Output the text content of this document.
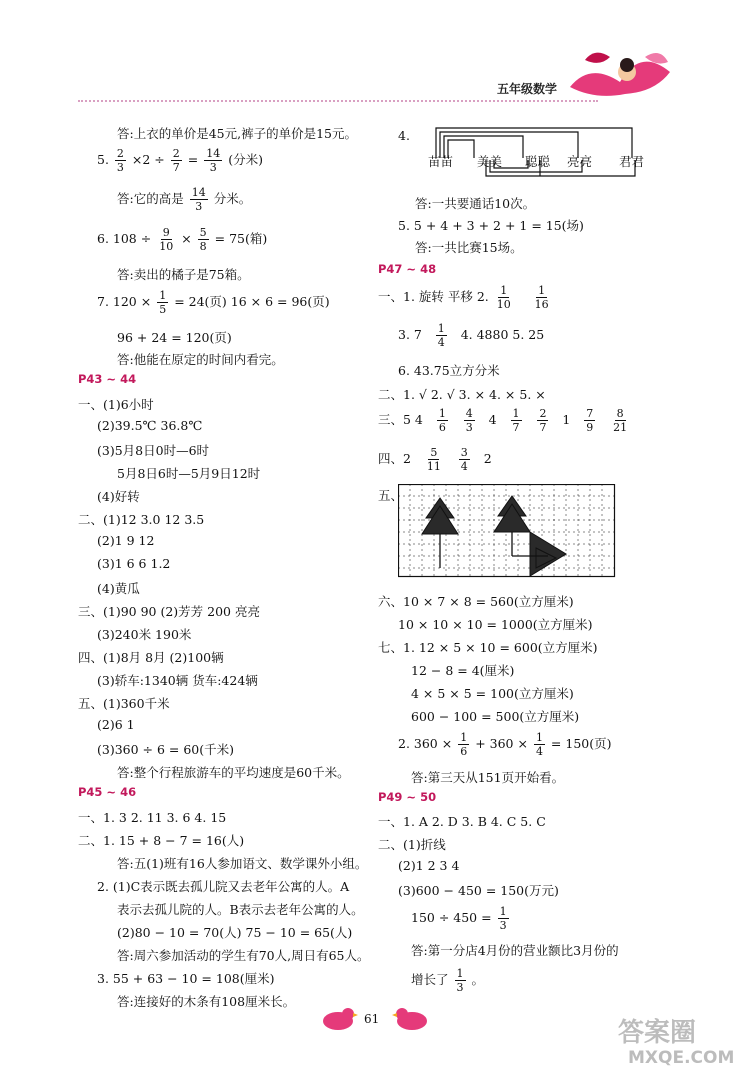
五年级数学
答:上衣的单价是45元,裤子的单价是15元。
5. $\frac{2}{3} \times 2 \div \frac{2}{7} = \frac{14}{3}$ (分米)
答:它的高是 $\frac{14}{3}$ 分米。
6. $108 \div \frac{9}{10} \times \frac{5}{8} = 75$(箱)
答:卖出的橘子是75箱。
7. $120 \times \frac{1}{5} = 24$(页) 16 × 6 = 96(页)
96 + 24 = 120(页)
答:他能在原定的时间内看完。
P43 ~ 44
一、(1)6小时
(2)39.5℃ 36.8℃
(3)5月8日0时—6时
5月8日6时—5月9日12时
(4)好转
二、(1)12 3.0 12 3.5
(2)1 9 12
(3)1 6 6 1.2
(4)黄瓜
三、(1)90 90 (2)芳芳 200 亮亮
(3)240米 190米
四、(1)8月 8月 (2)100辆
(3)轿车:1340辆 货车:424辆
五、(1)360千米
(2)6 1
(3)360 ÷ 6 = 60(千米)
答:整个行程旅游车的平均速度是60千米。
P45 ~ 46
一、1. 3 2. 11 3. 6 4. 15
二、1. 15 + 8 − 7 = 16(人)
答:五(1)班有16人参加语文、数学课外小组。
2. (1)C表示既去孤儿院又去老年公寓的人。A
表示去孤儿院的人。B表示去老年公寓的人。
(2)80 − 10 = 70(人) 75 − 10 = 65(人)
答:周六参加活动的学生有70人,周日有65人。
3. 55 + 63 − 10 = 108(厘米)
答:连接好的木条有108厘米长。
4.
苗苗 美美 聪聪 亮亮 君君
答:一共要通话10次。
5. 5 + 4 + 3 + 2 + 1 = 15(场)
答:一共比赛15场。
P47 ~ 48
一、1. 旋转 平移 2. $\frac{1}{10}$
$\frac{1}{16}$
3. $7 \frac{1}{4} 4$. 4880 5. 25
6. 43.75立方分米
二、1. √ 2. √ 3. × 4. × 5. ×
三、5 $4 \frac{1}{6}$
$\frac{4}{3} 4 \frac{1}{7}$
$\frac{2}{7} 1 \frac{7}{9}$
$\frac{8}{21}$
四、$2 \frac{5}{11}$
$\frac{3}{4} 2$
五、
六、10 × 7 × 8 = 560(立方厘米)
10 × 10 × 10 = 1000(立方厘米)
七、1. 12 × 5 × 10 = 600(立方厘米)
12 − 8 = 4(厘米)
4 × 5 × 5 = 100(立方厘米)
600 − 100 = 500(立方厘米)
2. $360 \times \frac{1}{6} + 360 \times \frac{1}{4} = 150$(页)
答:第三天从151页开始看。
P49 ~ 50
一、1. A 2. D 3. B 4. C 5. C
二、(1)折线
(2)1 2 3 4
(3)600 − 450 = 150(万元)
$150 \div 450 = \frac{1}{3}$
答:第一分店4月份的营业额比3月份的
增长了 $\frac{1}{3}$ 。
61	答案圈
MXQE.COM
